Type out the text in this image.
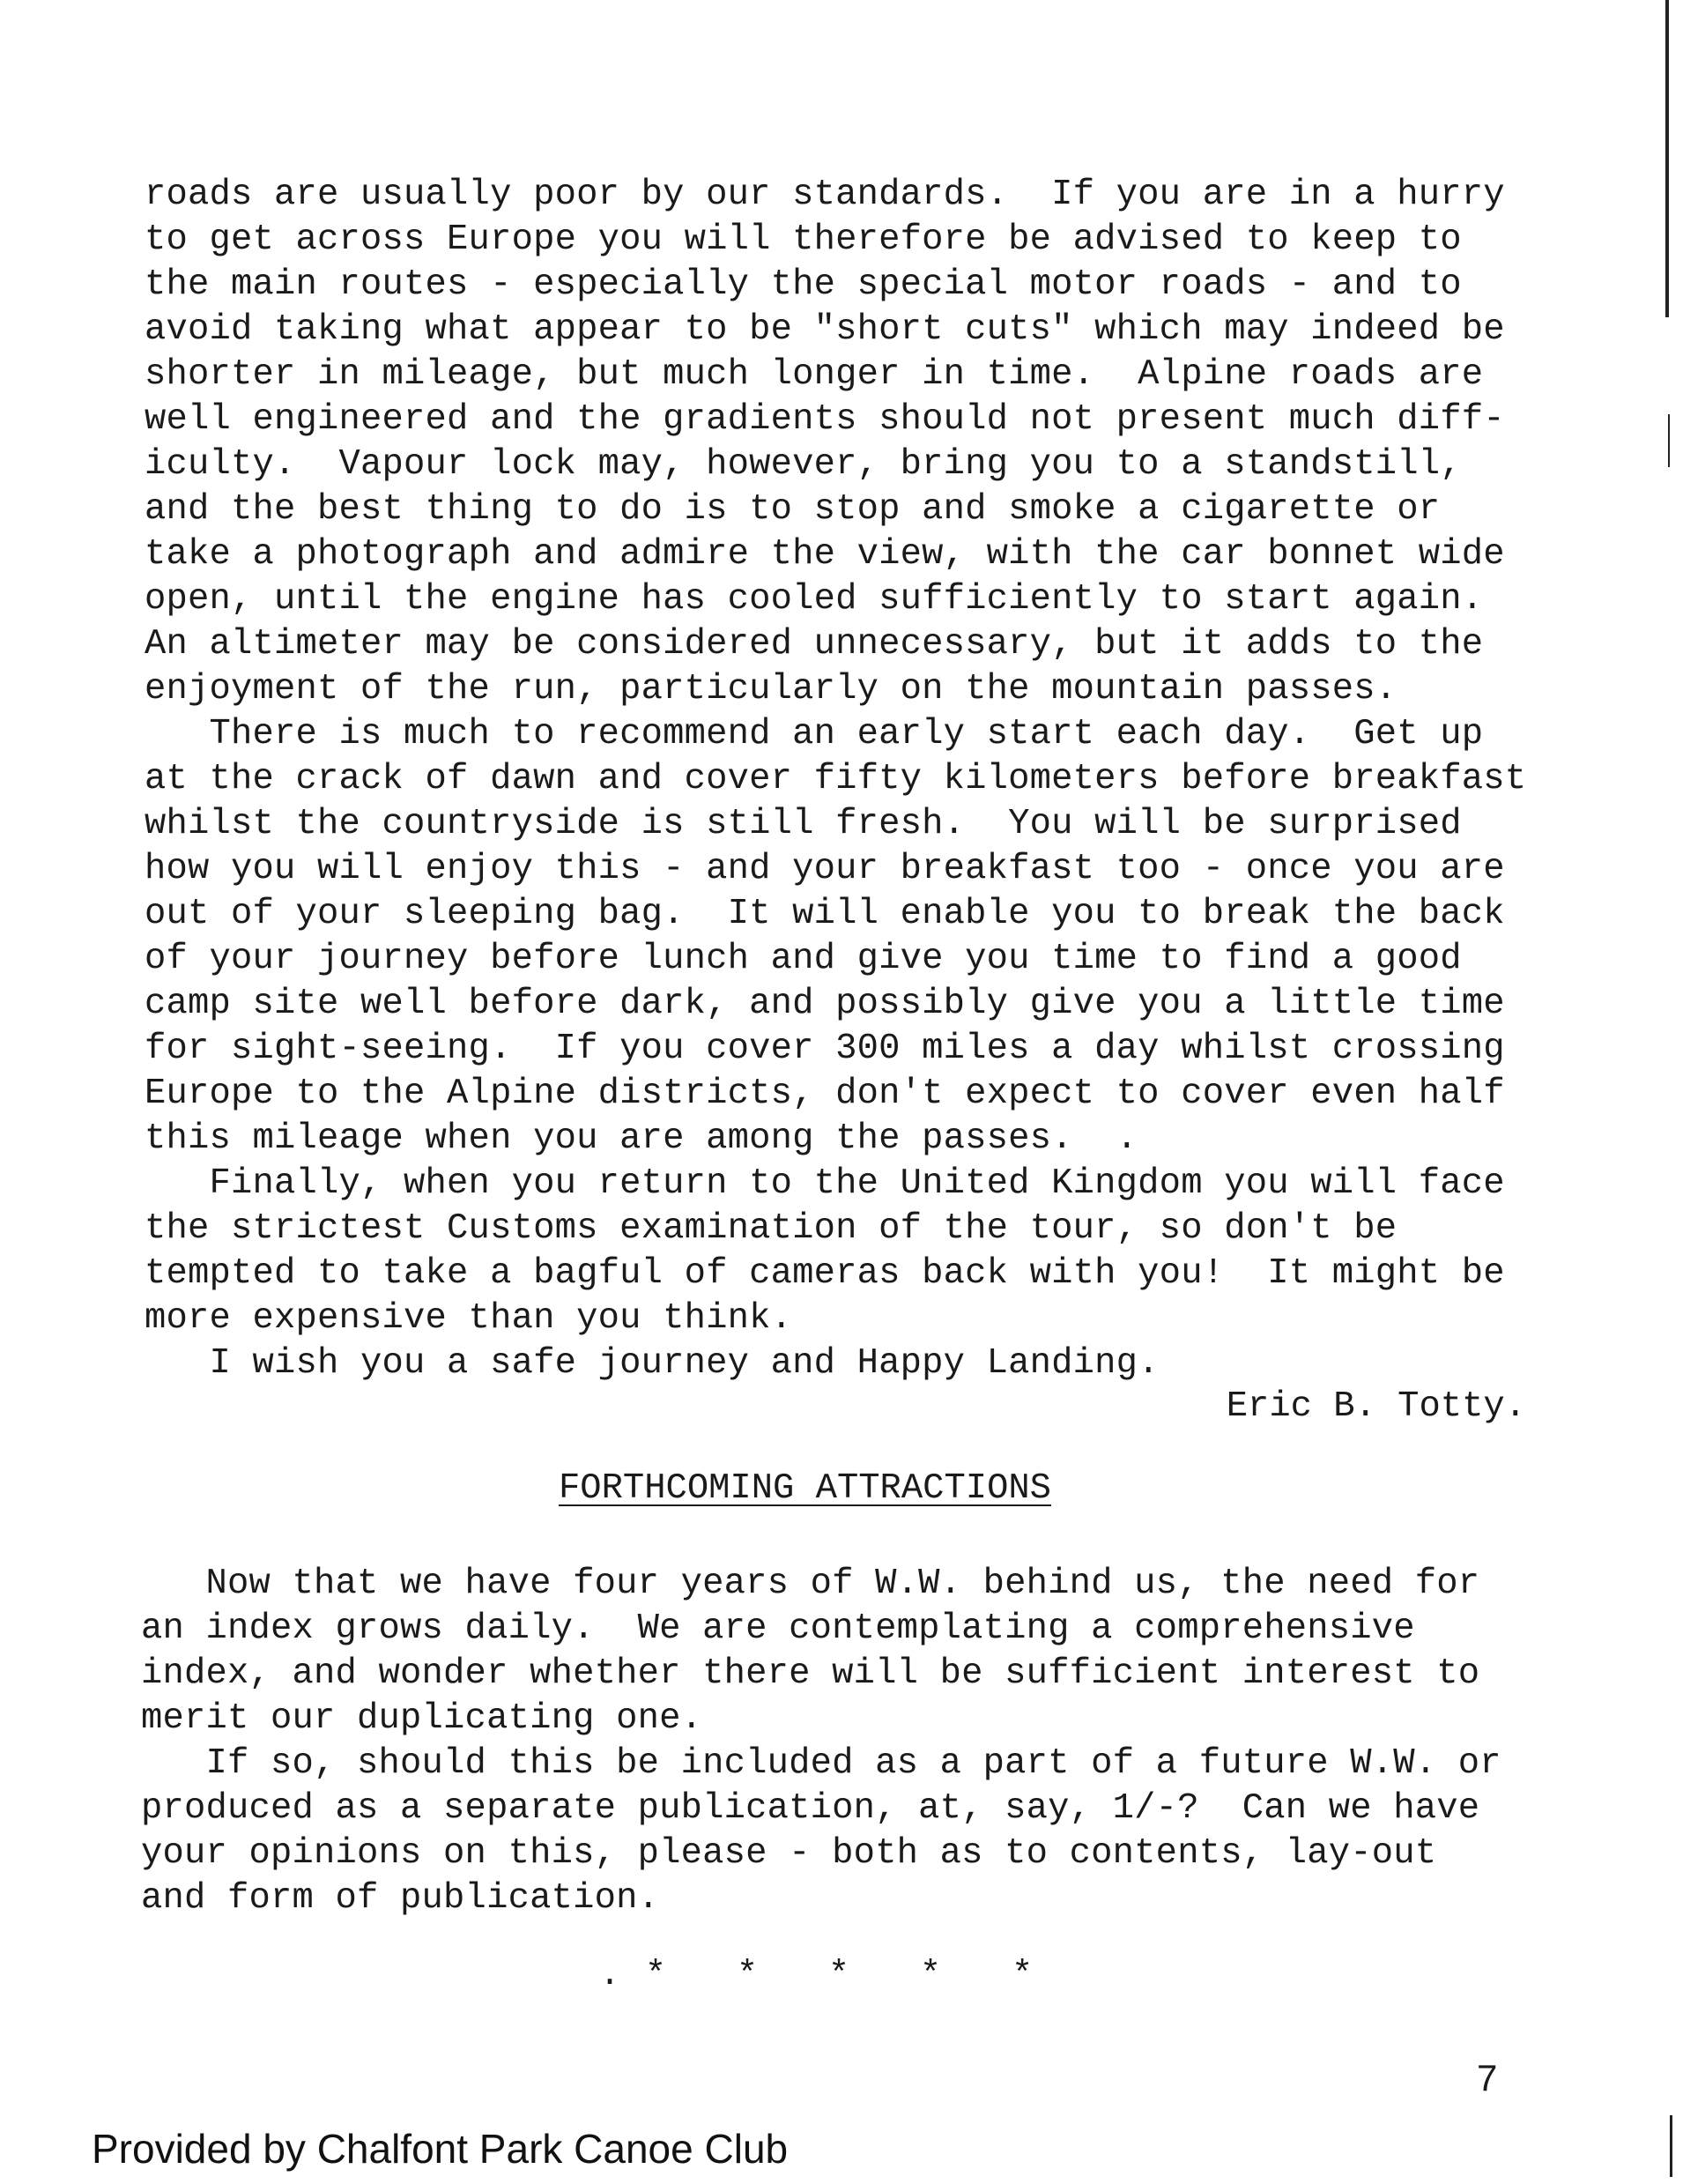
roads are usually poor by our standards.  If you are in a hurry
to get across Europe you will therefore be advised to keep to
the main routes - especially the special motor roads - and to
avoid taking what appear to be "short cuts" which may indeed be
shorter in mileage, but much longer in time.  Alpine roads are
well engineered and the gradients should not present much diff-
iculty.  Vapour lock may, however, bring you to a standstill,
and the best thing to do is to stop and smoke a cigarette or
take a photograph and admire the view, with the car bonnet wide
open, until the engine has cooled sufficiently to start again.
An altimeter may be considered unnecessary, but it adds to the
enjoyment of the run, particularly on the mountain passes.
There is much to recommend an early start each day.  Get up
at the crack of dawn and cover fifty kilometers before breakfast
whilst the countryside is still fresh.  You will be surprised
how you will enjoy this - and your breakfast too - once you are
out of your sleeping bag.  It will enable you to break the back
of your journey before lunch and give you time to find a good
camp site well before dark, and possibly give you a little time
for sight-seeing.  If you cover 300 miles a day whilst crossing
Europe to the Alpine districts, don't expect to cover even half
this mileage when you are among the passes.  .
Finally, when you return to the United Kingdom you will face
the strictest Customs examination of the tour, so don't be
tempted to take a bagful of cameras back with you!  It might be
more expensive than you think.
I wish you a safe journey and Happy Landing.
Eric B. Totty.
FORTHCOMING ATTRACTIONS
Now that we have four years of W.W. behind us, the need for
an index grows daily.  We are contemplating a comprehensive
index, and wonder whether there will be sufficient interest to
merit our duplicating one.
If so, should this be included as a part of a future W.W. or
produced as a separate publication, at, say, 1/-?  Can we have
your opinions on this, please - both as to contents, lay-out
and form of publication.
. *   *   *   *   *
7
Provided by Chalfont Park Canoe Club
